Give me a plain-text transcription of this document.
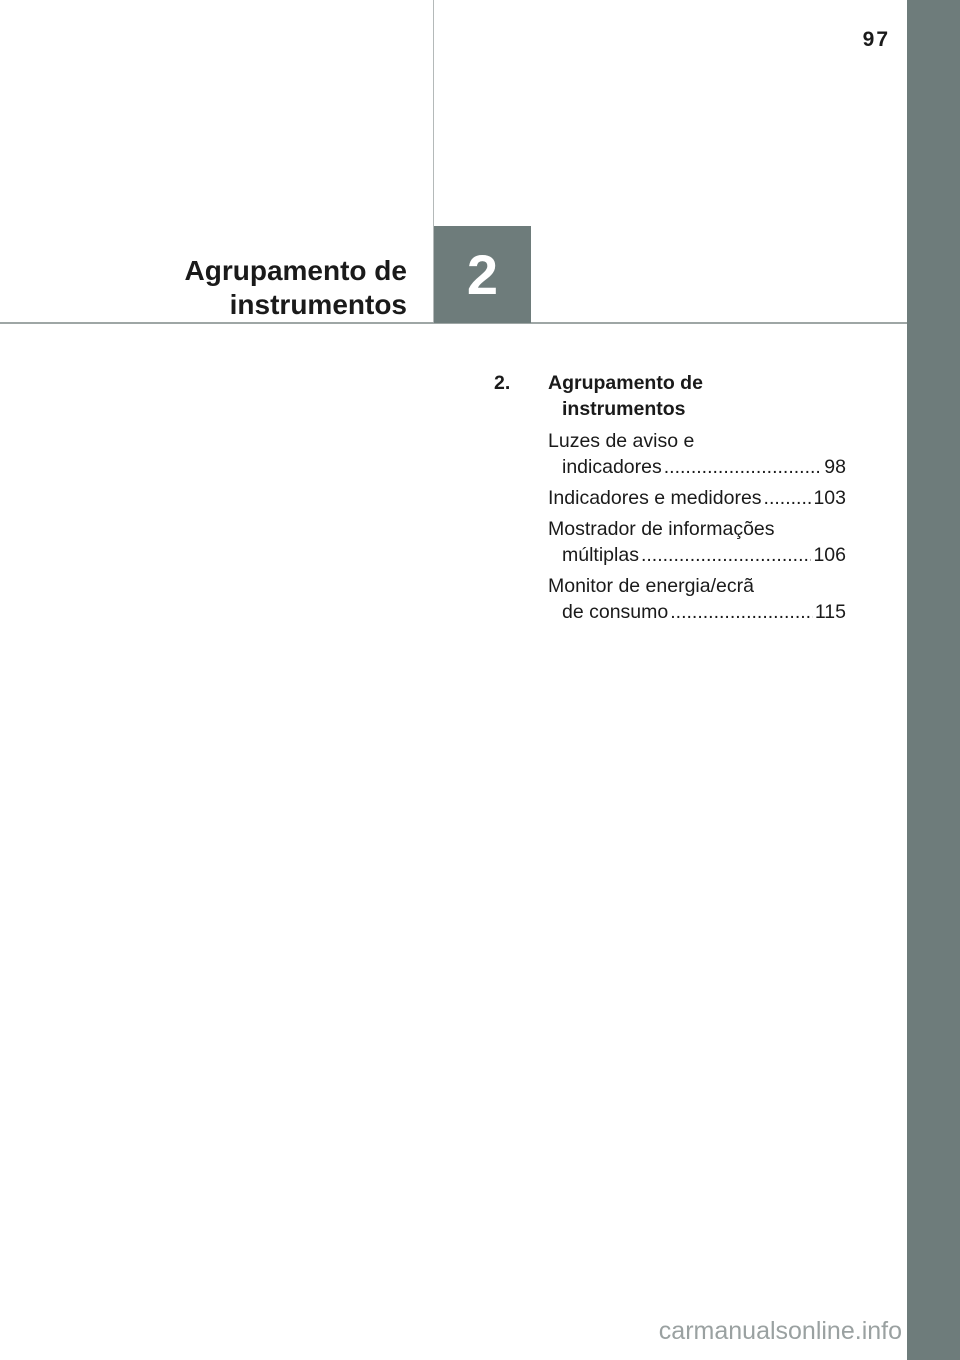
97
2
Agrupamento de
instrumentos
2.	Agrupamento de
instrumentos
Luzes de aviso e
indicadores .....	98
Indicadores e medidores .....	103
Mostrador de informações
múltiplas .....	106
Monitor de energia/ecrã
de consumo .....	115
carmanualsonline.info
